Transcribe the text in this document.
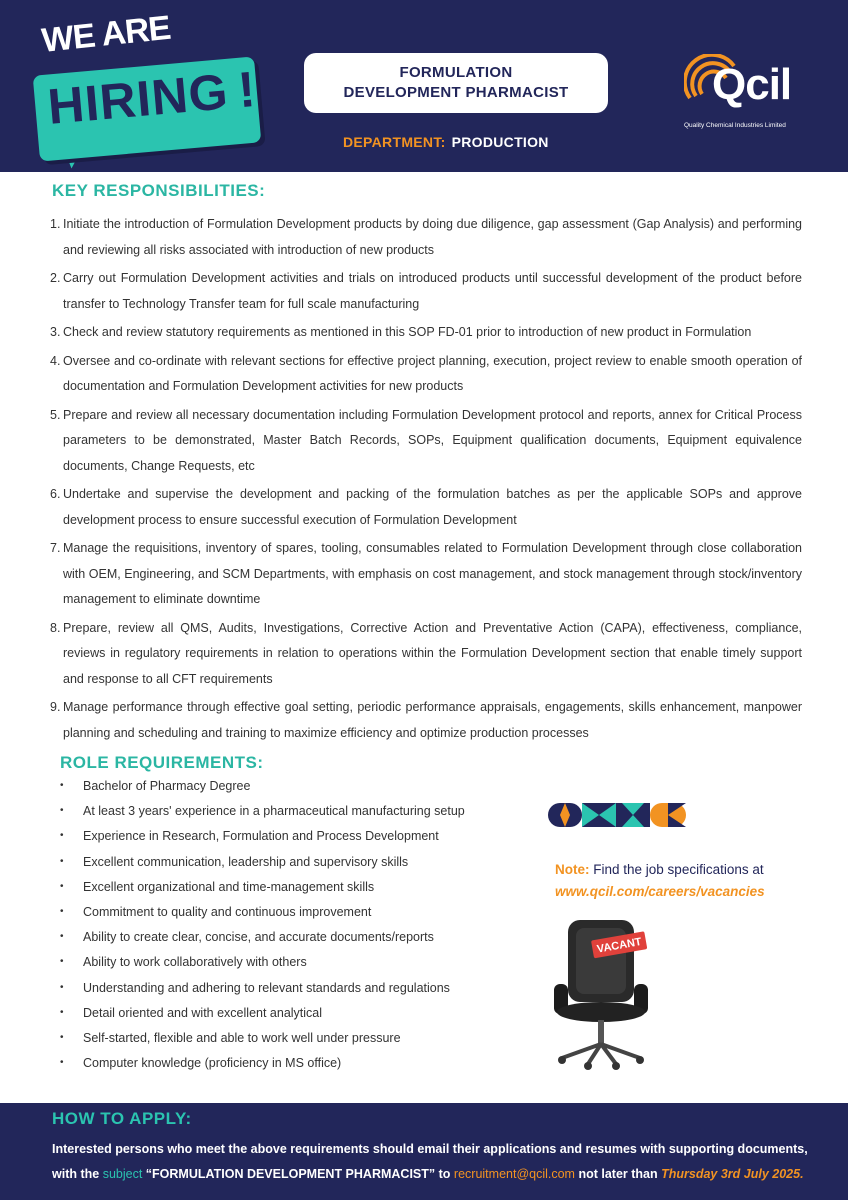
WE ARE
HIRING !	FORMULATION
DEVELOPMENT PHARMACIST
DEPARTMENT: PRODUCTION
Qcil
Quality Chemical Industries Limited
KEY RESPONSIBILITIES:
1. Initiate the introduction of Formulation Development products by doing due diligence, gap assessment (Gap Analysis) and performing and reviewing all risks associated with introduction of new products
2. Carry out Formulation Development activities and trials on introduced products until successful development of the product before transfer to Technology Transfer team for full scale manufacturing
3. Check and review statutory requirements as mentioned in this SOP FD-01 prior to introduction of new product in Formulation
4. Oversee and co-ordinate with relevant sections for effective project planning, execution, project review to enable smooth operation of documentation and Formulation Development activities for new products
5. Prepare and review all necessary documentation including Formulation Development protocol and reports, annex for Critical Process parameters to be demonstrated, Master Batch Records, SOPs, Equipment qualification documents, Equipment equivalence documents, Change Requests, etc
6. Undertake and supervise the development and packing of the formulation batches as per the applicable SOPs and approve development process to ensure successful execution of Formulation Development
7. Manage the requisitions, inventory of spares, tooling, consumables related to Formulation Development through close collaboration with OEM, Engineering, and SCM Departments, with emphasis on cost management, and stock management through stock/inventory management to eliminate downtime
8. Prepare, review all QMS, Audits, Investigations, Corrective Action and Preventative Action (CAPA), effectiveness, compliance, reviews in regulatory requirements in relation to operations within the Formulation Development section that enable timely support and response to all CFT requirements
9. Manage performance through effective goal setting, periodic performance appraisals, engagements, skills enhancement, manpower planning and scheduling and training to maximize efficiency and optimize production processes
ROLE REQUIREMENTS:
•	Bachelor of Pharmacy Degree
•	At least 3 years' experience in a pharmaceutical manufacturing setup
•	Experience in Research, Formulation and Process Development
•	Excellent communication, leadership and supervisory skills
•	Excellent organizational and time-management skills
•	Commitment to quality and continuous improvement
•	Ability to create clear, concise, and accurate documents/reports
•	Ability to work collaboratively with others
•	Understanding and adhering to relevant standards and regulations
•	Detail oriented and with excellent analytical
•	Self-started, flexible and able to work well under pressure
•	Computer knowledge (proficiency in MS office)
Note: Find the job specifications at
www.qcil.com/careers/vacancies
VACANT
HOW TO APPLY:
Interested persons who meet the above requirements should email their applications and resumes with supporting documents, with the subject “FORMULATION DEVELOPMENT PHARMACIST” to recruitment@qcil.com not later than Thursday 3rd July 2025.
